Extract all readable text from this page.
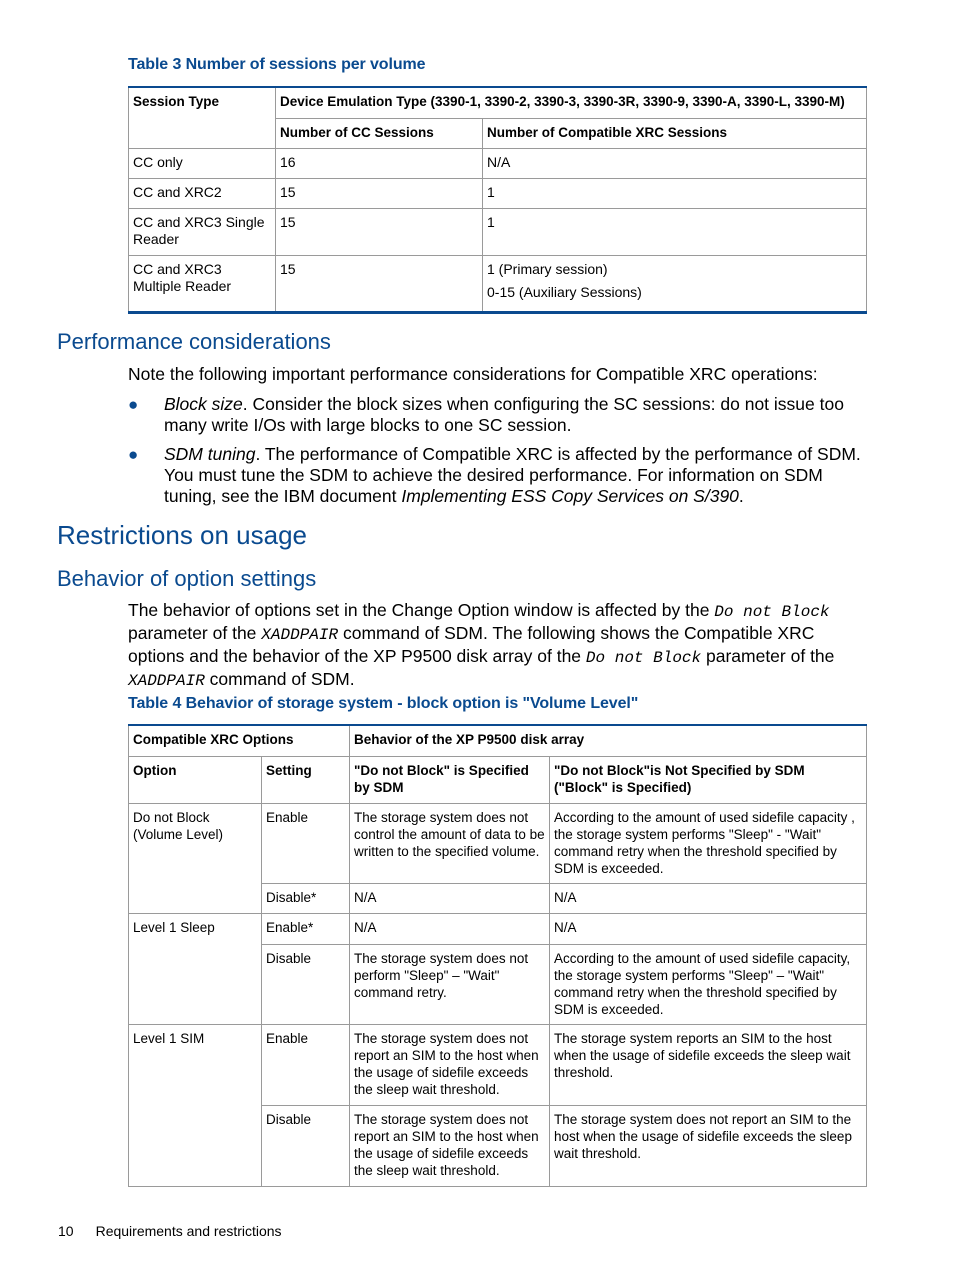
Table 3 Number of sessions per volume
Session Type	Device Emulation Type (3390-1, 3390-2, 3390-3, 3390-3R, 3390-9, 3390-A, 3390-L, 3390-M)	
	Number of CC Sessions	Number of Compatible XRC Sessions
CC only	16	N/A
CC and XRC2	15	1
CC and XRC3 Single Reader	15	1
CC and XRC3 Multiple Reader	15	1 (Primary session)
0-15 (Auxiliary Sessions)
Performance considerations

Note the following important performance considerations for Compatible XRC operations:

● Block size. Consider the block sizes when configuring the SC sessions: do not issue too many write I/Os with large blocks to one SC session.
● SDM tuning. The performance of Compatible XRC is affected by the performance of SDM. You must tune the SDM to achieve the desired performance. For information on SDM tuning, see the IBM document Implementing ESS Copy Services on S/390.
Restrictions on usage
Behavior of option settings

The behavior of options set in the Change Option window is affected by the Do not Block parameter of the XADDPAIR command of SDM. The following shows the Compatible XRC options and the behavior of the XP P9500 disk array of the Do not Block parameter of the XADDPAIR command of SDM.

Table 4 Behavior of storage system - block option is "Volume Level"
Compatible XRC Options		Behavior of the XP P9500 disk array	
Option	Setting	"Do not Block" is Specified by SDM	"Do not Block"is Not Specified by SDM ("Block" is Specified)
Do not Block (Volume Level)	Enable	The storage system does not control the amount of data to be written to the specified volume.	According to the amount of used sidefile capacity , the storage system performs "Sleep" - "Wait" command retry when the threshold specified by SDM is exceeded.
	Disable*	N/A	N/A
Level 1 Sleep	Enable*	N/A	N/A
	Disable	The storage system does not perform "Sleep" – "Wait" command retry.	According to the amount of used sidefile capacity, the storage system performs "Sleep" – "Wait" command retry when the threshold specified by SDM is exceeded.
Level 1 SIM	Enable	The storage system does not report an SIM to the host when the usage of sidefile exceeds the sleep wait threshold.	The storage system reports an SIM to the host when the usage of sidefile exceeds the sleep wait threshold.
	Disable	The storage system does not report an SIM to the host when the usage of sidefile exceeds the sleep wait threshold.	The storage system does not report an SIM to the host when the usage of sidefile exceeds the sleep wait threshold.
10 Requirements and restrictions
